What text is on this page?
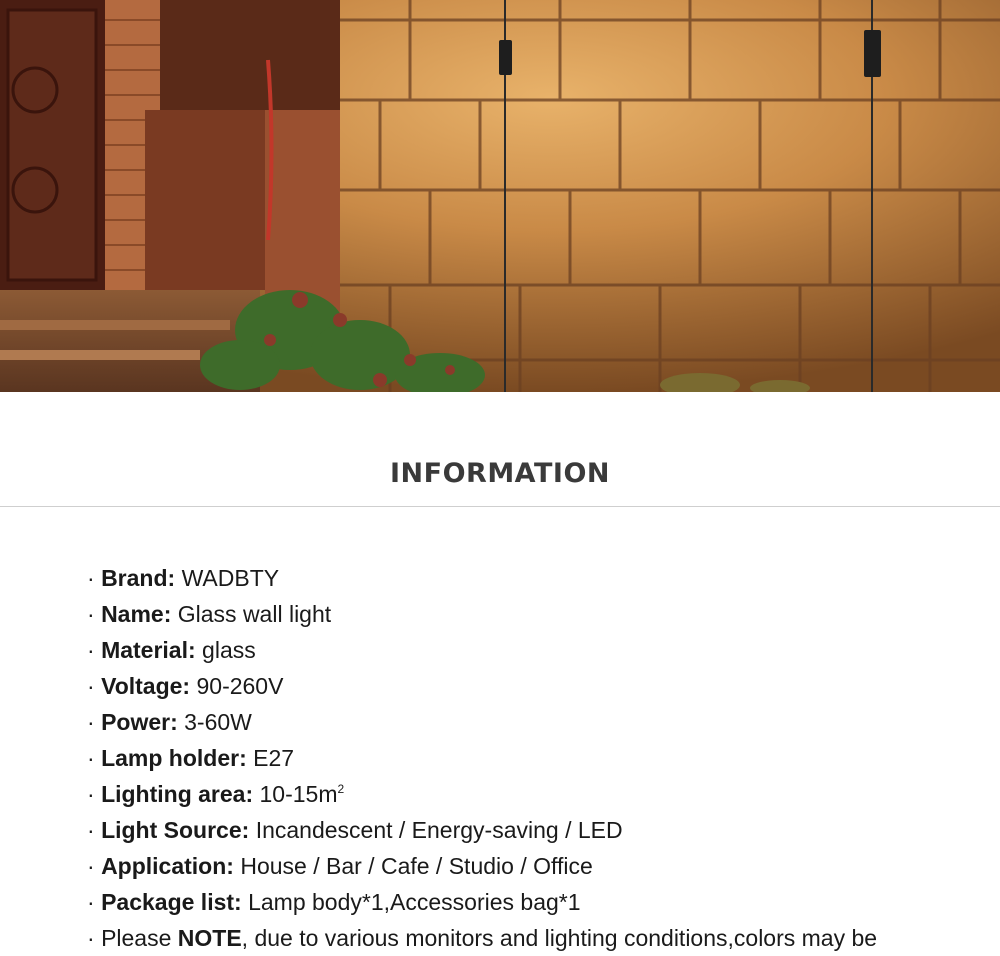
INFORMATION
· Brand: WADBTY
· Name: Glass wall light
· Material: glass
· Voltage: 90-260V
· Power: 3-60W
· Lamp holder: E27
· Lighting area: $10-15m^2$
· Light Source: Incandescent / Energy-saving / LED
· Application: House / Bar / Cafe / Studio / Office
· Package list: Lamp body*1,Accessories bag*1
· Please NOTE, due to various monitors and lighting conditions,colors may be
